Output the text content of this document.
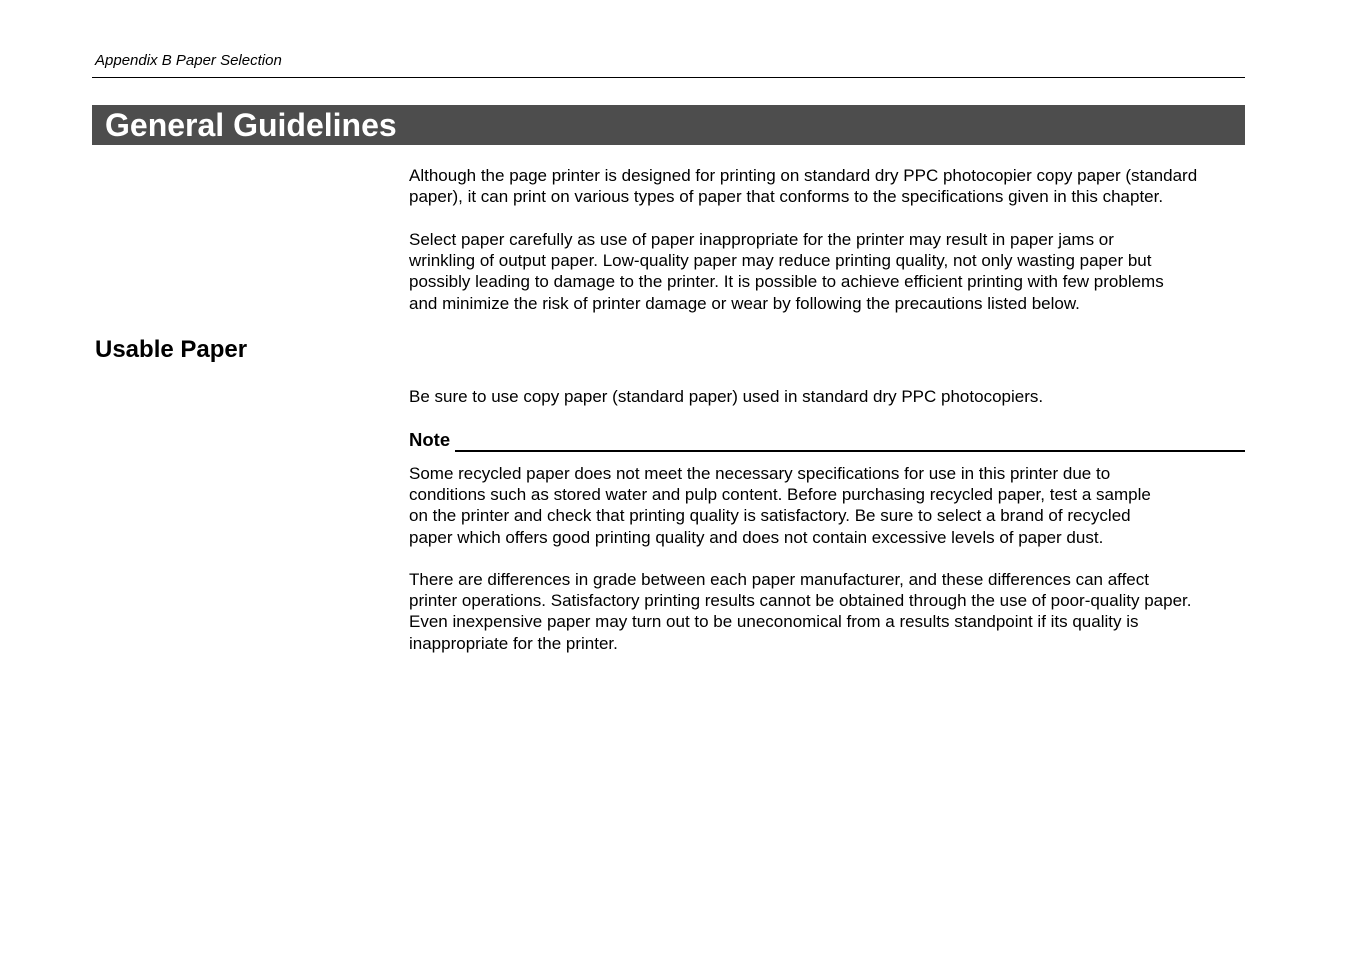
Appendix B Paper Selection
General Guidelines

Although the page printer is designed for printing on standard dry PPC photocopier copy paper (standard
paper), it can print on various types of paper that conforms to the specifications given in this chapter.

Select paper carefully as use of paper inappropriate for the printer may result in paper jams or
wrinkling of output paper. Low-quality paper may reduce printing quality, not only wasting paper but
possibly leading to damage to the printer. It is possible to achieve efficient printing with few problems
and minimize the risk of printer damage or wear by following the precautions listed below.

Usable Paper

Be sure to use copy paper (standard paper) used in standard dry PPC photocopiers.

Note

Some recycled paper does not meet the necessary specifications for use in this printer due to
conditions such as stored water and pulp content. Before purchasing recycled paper, test a sample
on the printer and check that printing quality is satisfactory. Be sure to select a brand of recycled
paper which offers good printing quality and does not contain excessive levels of paper dust.

There are differences in grade between each paper manufacturer, and these differences can affect
printer operations. Satisfactory printing results cannot be obtained through the use of poor-quality paper.
Even inexpensive paper may turn out to be uneconomical from a results standpoint if its quality is
inappropriate for the printer.
